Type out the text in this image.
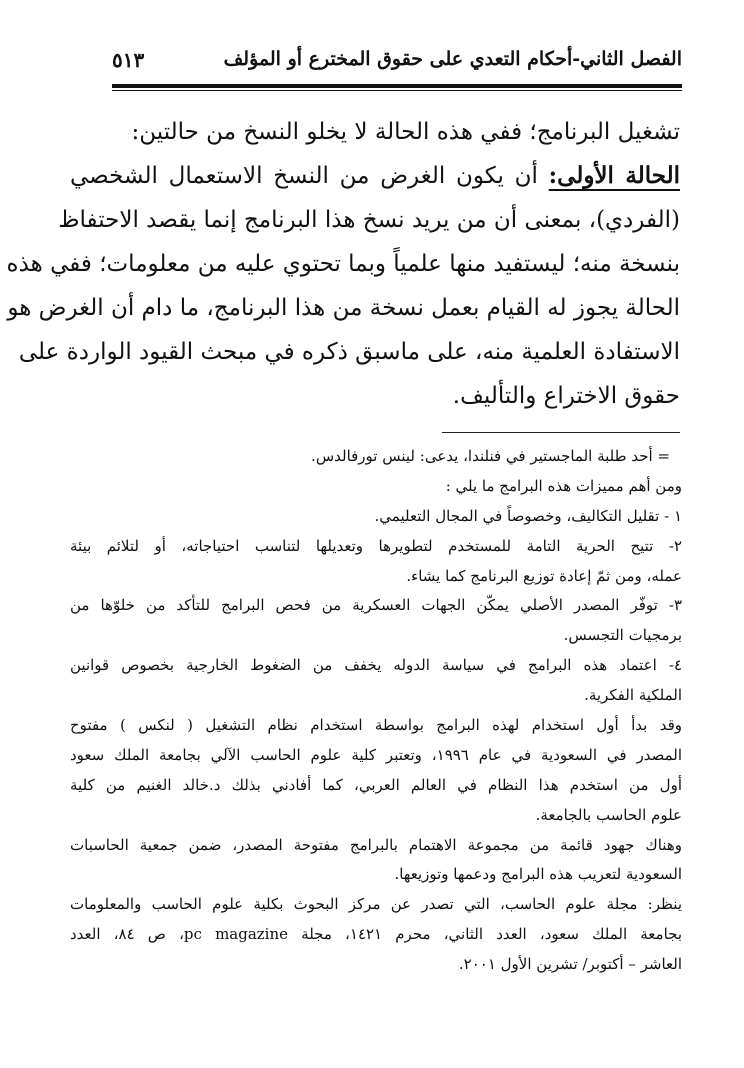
الفصل الثاني-أحكام التعدي على حقوق المخترع أو المؤلف
٥١٣
تشغيل البرنامج؛ ففي هذه الحالة لا يخلو النسخ من حالتين:
الحالة الأولى: أن يكون الغرض من النسخ الاستعمال الشخصي
(الفردي)، بمعنى أن من يريد نسخ هذا البرنامج إنما يقصد الاحتفاظ
بنسخة منه؛ ليستفيد منها علمياً وبما تحتوي عليه من معلومات؛ ففي هذه
الحالة يجوز له القيام بعمل نسخة من هذا البرنامج، ما دام أن الغرض هو
الاستفادة العلمية منه، على ماسبق ذكره في مبحث القيود الواردة على
حقوق الاختراع والتأليف.
= أحد طلبة الماجستير في فنلندا، يدعى: لينس تورفالدس.
ومن أهم مميزات هذه البرامج ما يلي :
١ - تقليل التكاليف، وخصوصاً في المجال التعليمي.
٢- تتيح الحرية التامة للمستخدم لتطويرها وتعديلها لتناسب احتياجاته، أو لتلائم بيئة
عمله، ومن ثمّ إعادة توزيع البرنامج كما يشاء.
٣- توفّر المصدر الأصلي يمكّن الجهات العسكرية من فحص البرامج للتأكد من خلوّها من
برمجيات التجسس.
٤- اعتماد هذه البرامج في سياسة الدوله يخفف من الضغوط الخارجية بخصوص قوانين
الملكية الفكرية.
وقد بدأ أول استخدام لهذه البرامج بواسطة استخدام نظام التشغيل ( لنكس ) مفتوح
المصدر في السعودية في عام ١٩٩٦، وتعتبر كلية علوم الحاسب الآلي بجامعة الملك سعود
أول من استخدم هذا النظام في العالم العربي، كما أفادني بذلك د.خالد الغنيم من كلية
علوم الحاسب بالجامعة.
وهناك جهود قائمة من مجموعة الاهتمام بالبرامج مفتوحة المصدر، ضمن جمعية الحاسبات
السعودية لتعريب هذه البرامج ودعمها وتوزيعها.
ينظر: مجلة علوم الحاسب، التي تصدر عن مركز البحوث بكلية علوم الحاسب والمعلومات
بجامعة الملك سعود، العدد الثاني، محرم ١٤٢١، مجلة pc magazine، ص ٨٤، العدد
العاشر – أكتوبر/ تشرين الأول ٢٠٠١.
